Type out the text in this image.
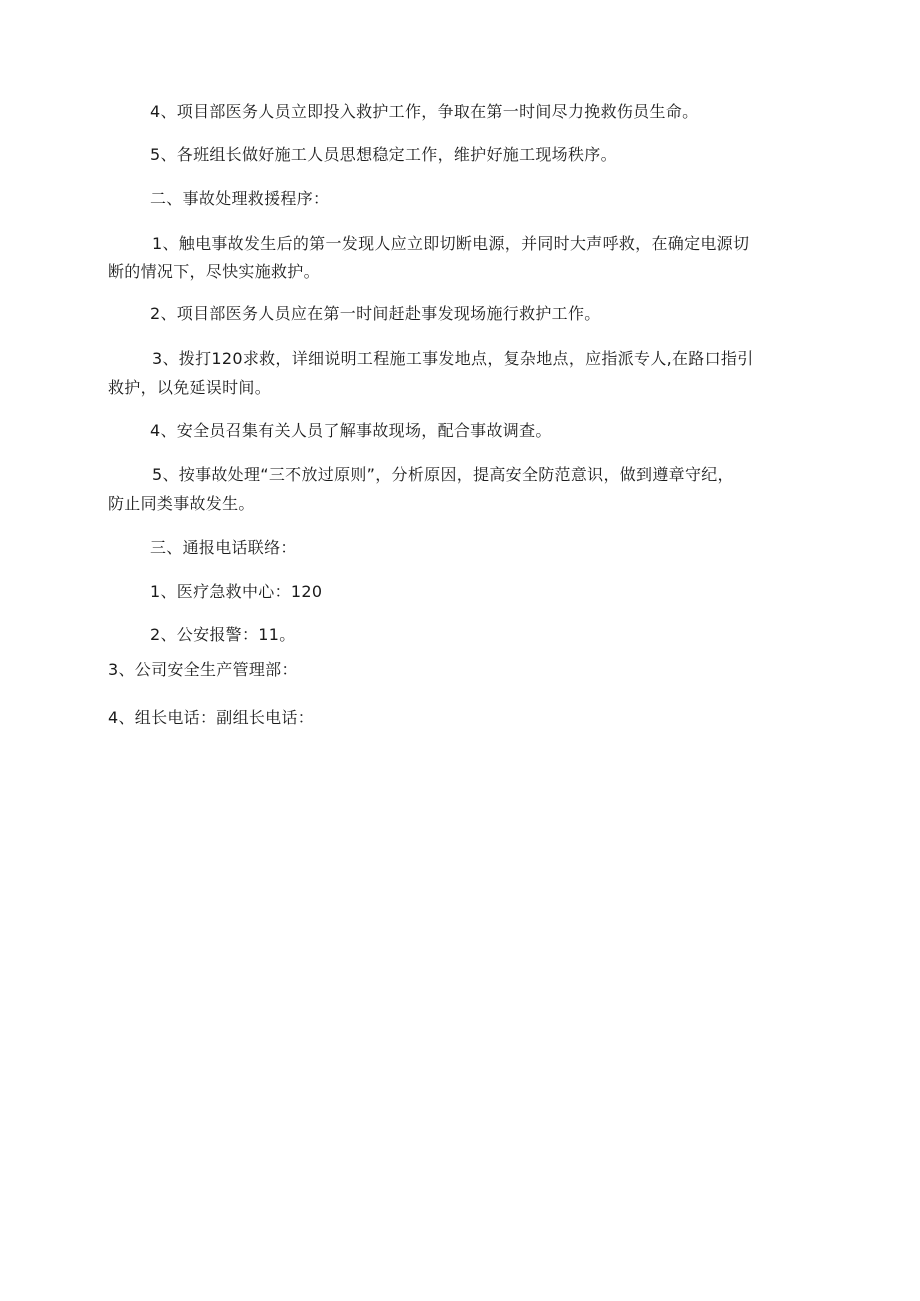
4、项目部医务人员立即投入救护工作，争取在第一时间尽力挽救伤员生命。
5、各班组长做好施工人员思想稳定工作，维护好施工现场秩序。
二、事故处理救援程序：
1、触电事故发生后的第一发现人应立即切断电源，并同时大声呼救，在确定电源切
断的情况下，尽快实施救护。
2、项目部医务人员应在第一时间赶赴事发现场施行救护工作。
3、拨打120求救，详细说明工程施工事发地点，复杂地点，应指派专人,在路口指引
救护，以免延误时间。
4、安全员召集有关人员了解事故现场，配合事故调查。
5、按事故处理“三不放过原则”，分析原因，提高安全防范意识，做到遵章守纪，
防止同类事故发生。
三、通报电话联络：
1、医疗急救中心：120
2、公安报警：11。
3、公司安全生产管理部：
4、组长电话：副组长电话：
